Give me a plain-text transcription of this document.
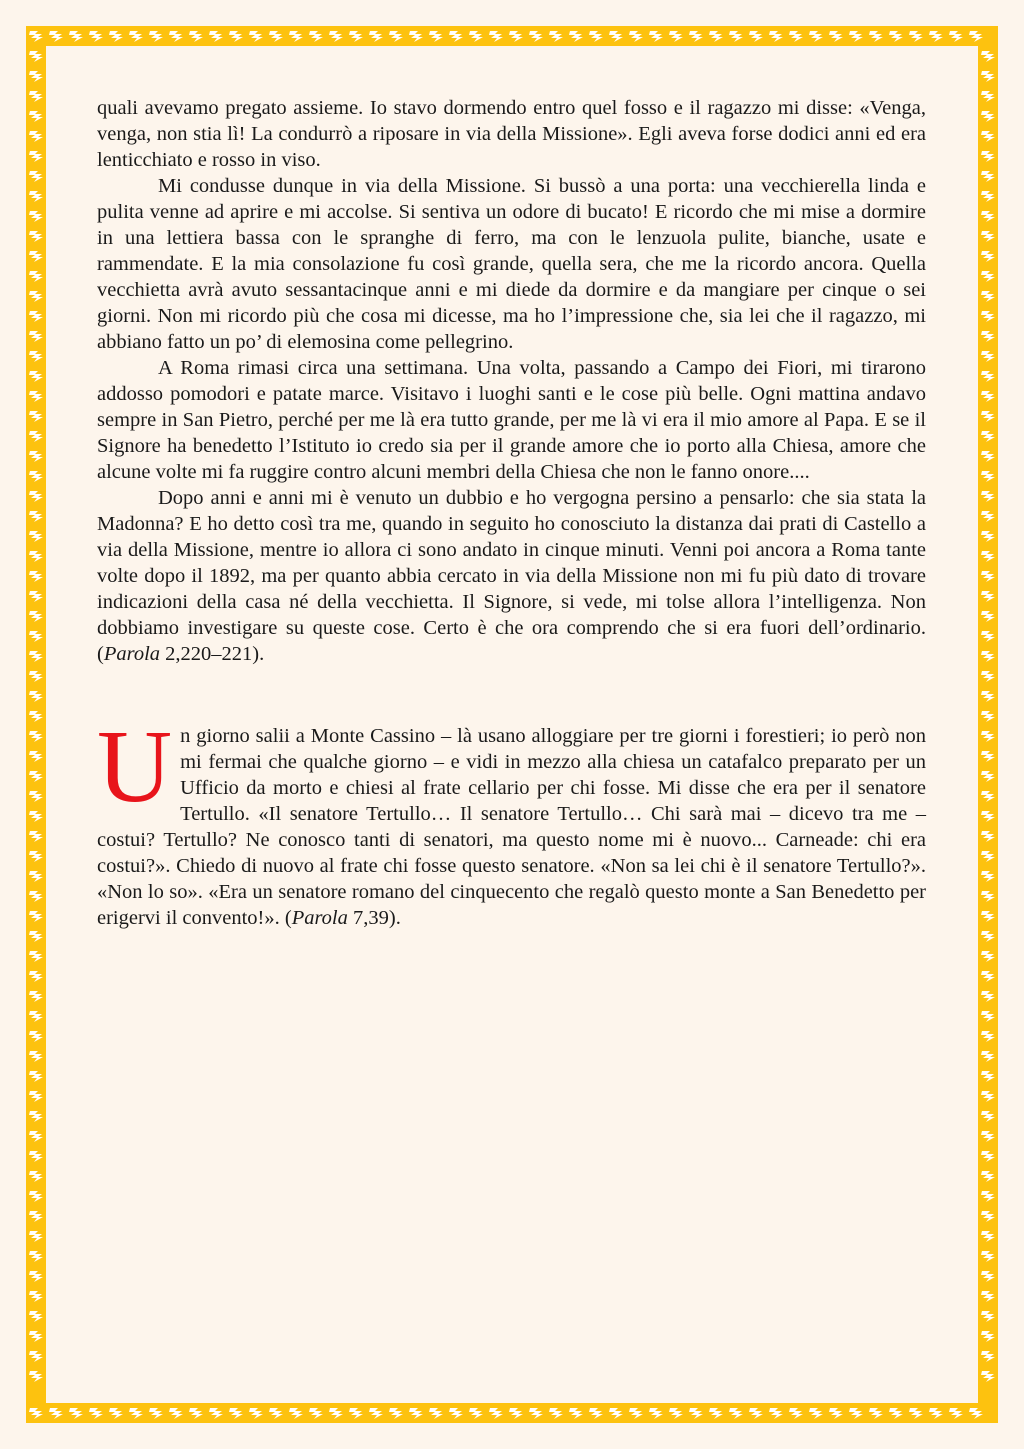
quali avevamo pregato assieme. Io stavo dormendo entro quel fosso e il ragazzo mi disse: «Venga, venga, non stia lì! La condurrò a riposare in via della Missione». Egli aveva forse dodici anni ed era lenticchiato e rosso in viso.

Mi condusse dunque in via della Missione. Si bussò a una porta: una vecchierella linda e pulita venne ad aprire e mi accolse. Si sentiva un odore di bucato! E ricordo che mi mise a dormire in una lettiera bassa con le spranghe di ferro, ma con le lenzuola pulite, bianche, usate e rammendate. E la mia consolazione fu così grande, quella sera, che me la ricordo ancora. Quella vecchietta avrà avuto sessantacinque anni e mi diede da dormire e da mangiare per cinque o sei giorni. Non mi ricordo più che cosa mi dicesse, ma ho l’impressione che, sia lei che il ragazzo, mi abbiano fatto un po’ di elemosina come pellegrino.

A Roma rimasi circa una settimana. Una volta, passando a Campo dei Fiori, mi tirarono addosso pomodori e patate marce. Visitavo i luoghi santi e le cose più belle. Ogni mattina andavo sempre in San Pietro, perché per me là era tutto grande, per me là vi era il mio amore al Papa. E se il Signore ha benedetto l’Istituto io credo sia per il grande amore che io porto alla Chiesa, amore che alcune volte mi fa ruggire contro alcuni membri della Chiesa che non le fanno onore....

Dopo anni e anni mi è venuto un dubbio e ho vergogna persino a pensarlo: che sia stata la Madonna? E ho detto così tra me, quando in seguito ho conosciuto la distanza dai prati di Castello a via della Missione, mentre io allora ci sono andato in cinque minuti. Venni poi ancora a Roma tante volte dopo il 1892, ma per quanto abbia cercato in via della Missione non mi fu più dato di trovare indicazioni della casa né della vecchietta. Il Signore, si vede, mi tolse allora l’intelligenza. Non dobbiamo investigare su queste cose. Certo è che ora comprendo che si era fuori dell’ordinario. (Parola 2,220–221).

Un giorno salii a Monte Cassino – là usano alloggiare per tre giorni i forestieri; io però non mi fermai che qualche giorno – e vidi in mezzo alla chiesa un catafalco preparato per un Ufficio da morto e chiesi al frate cellario per chi fosse. Mi disse che era per il senatore Tertullo. «Il senatore Tertullo… Il senatore Tertullo… Chi sarà mai – dicevo tra me – costui? Tertullo? Ne conosco tanti di senatori, ma questo nome mi è nuovo... Carneade: chi era costui?». Chiedo di nuovo al frate chi fosse questo senatore. «Non sa lei chi è il senatore Tertullo?». «Non lo so». «Era un senatore romano del cinquecento che regalò questo monte a San Benedetto per erigervi il convento!». (Parola 7,39).
